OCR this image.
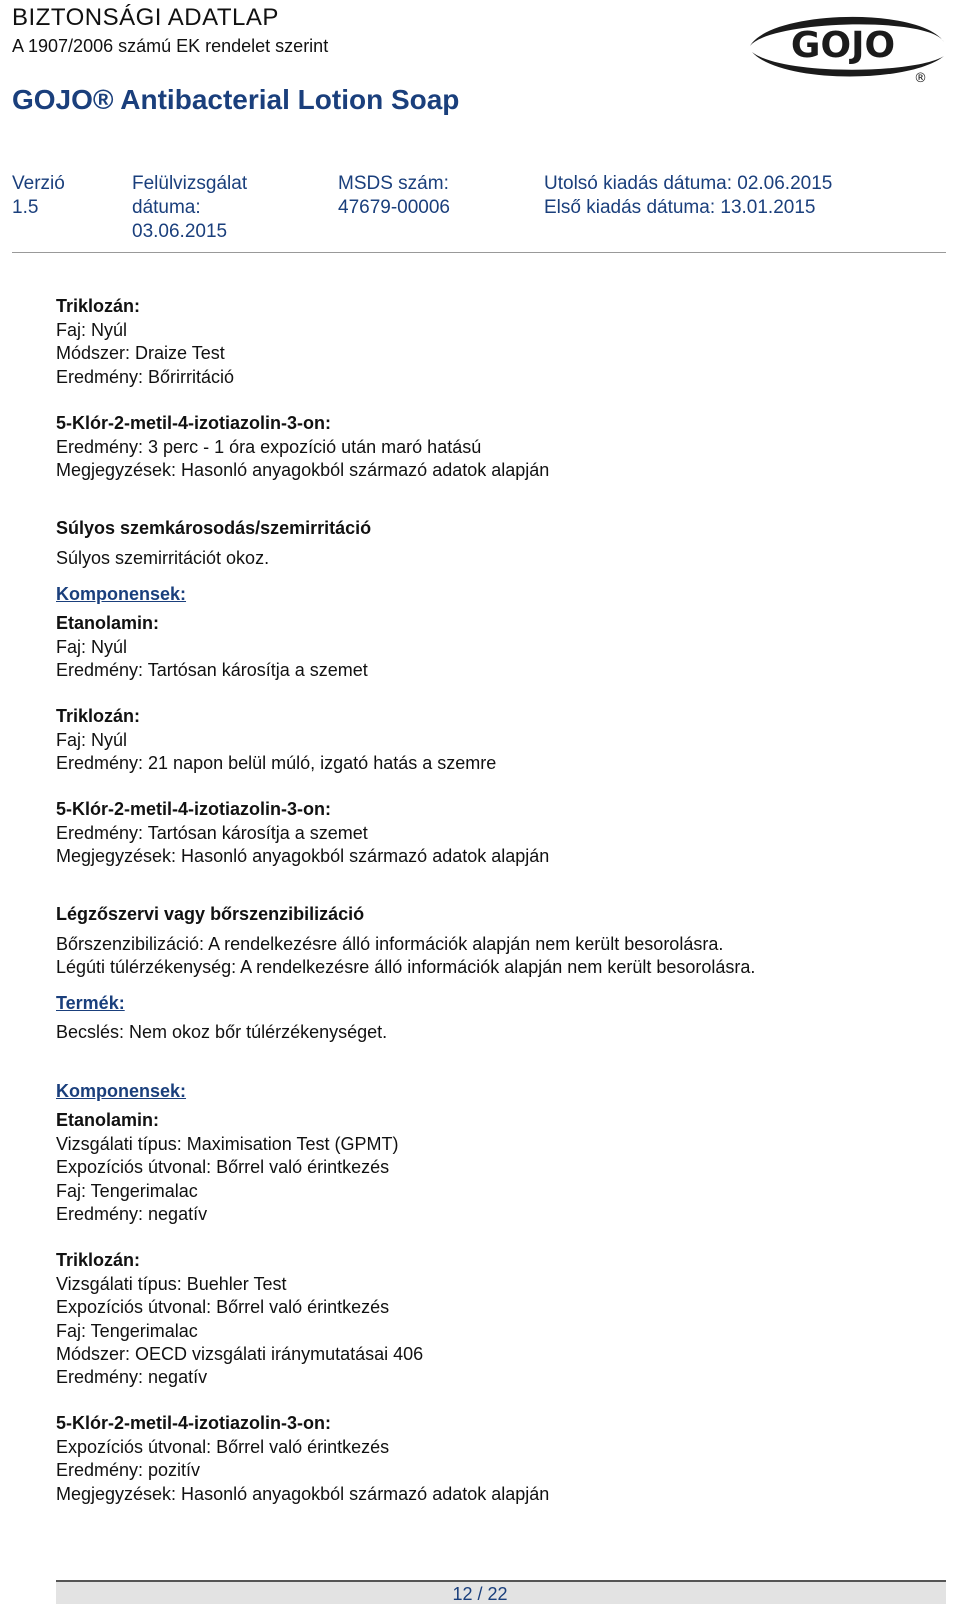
BIZTONSÁGI ADATLAP
A 1907/2006 számú EK rendelet szerint
GOJO® Antibacterial Lotion Soap
GOJO
®
Verzió
1.5
Felülvizsgálat
dátuma:
03.06.2015
MSDS szám:
47679-00006
Utolsó kiadás dátuma: 02.06.2015
Első kiadás dátuma: 13.01.2015
Triklozán:
Faj: Nyúl
Módszer: Draize Test
Eredmény: Bőrirritáció
5-Klór-2-metil-4-izotiazolin-3-on:
Eredmény: 3 perc - 1 óra expozíció után maró hatású
Megjegyzések: Hasonló anyagokból származó adatok alapján
Súlyos szemkárosodás/szemirritáció
Súlyos szemirritációt okoz.
Komponensek:
Etanolamin:
Faj: Nyúl
Eredmény: Tartósan károsítja a szemet
Triklozán:
Faj: Nyúl
Eredmény: 21 napon belül múló, izgató hatás a szemre
5-Klór-2-metil-4-izotiazolin-3-on:
Eredmény: Tartósan károsítja a szemet
Megjegyzések: Hasonló anyagokból származó adatok alapján
Légzőszervi vagy bőrszenzibilizáció
Bőrszenzibilizáció: A rendelkezésre álló információk alapján nem került besorolásra.
Légúti túlérzékenység: A rendelkezésre álló információk alapján nem került besorolásra.
Termék:
Becslés: Nem okoz bőr túlérzékenységet.
Komponensek:
Etanolamin:
Vizsgálati típus: Maximisation Test (GPMT)
Expozíciós útvonal: Bőrrel való érintkezés
Faj: Tengerimalac
Eredmény: negatív
Triklozán:
Vizsgálati típus: Buehler Test
Expozíciós útvonal: Bőrrel való érintkezés
Faj: Tengerimalac
Módszer: OECD vizsgálati iránymutatásai 406
Eredmény: negatív
5-Klór-2-metil-4-izotiazolin-3-on:
Expozíciós útvonal: Bőrrel való érintkezés
Eredmény: pozitív
Megjegyzések: Hasonló anyagokból származó adatok alapján
12 / 22
